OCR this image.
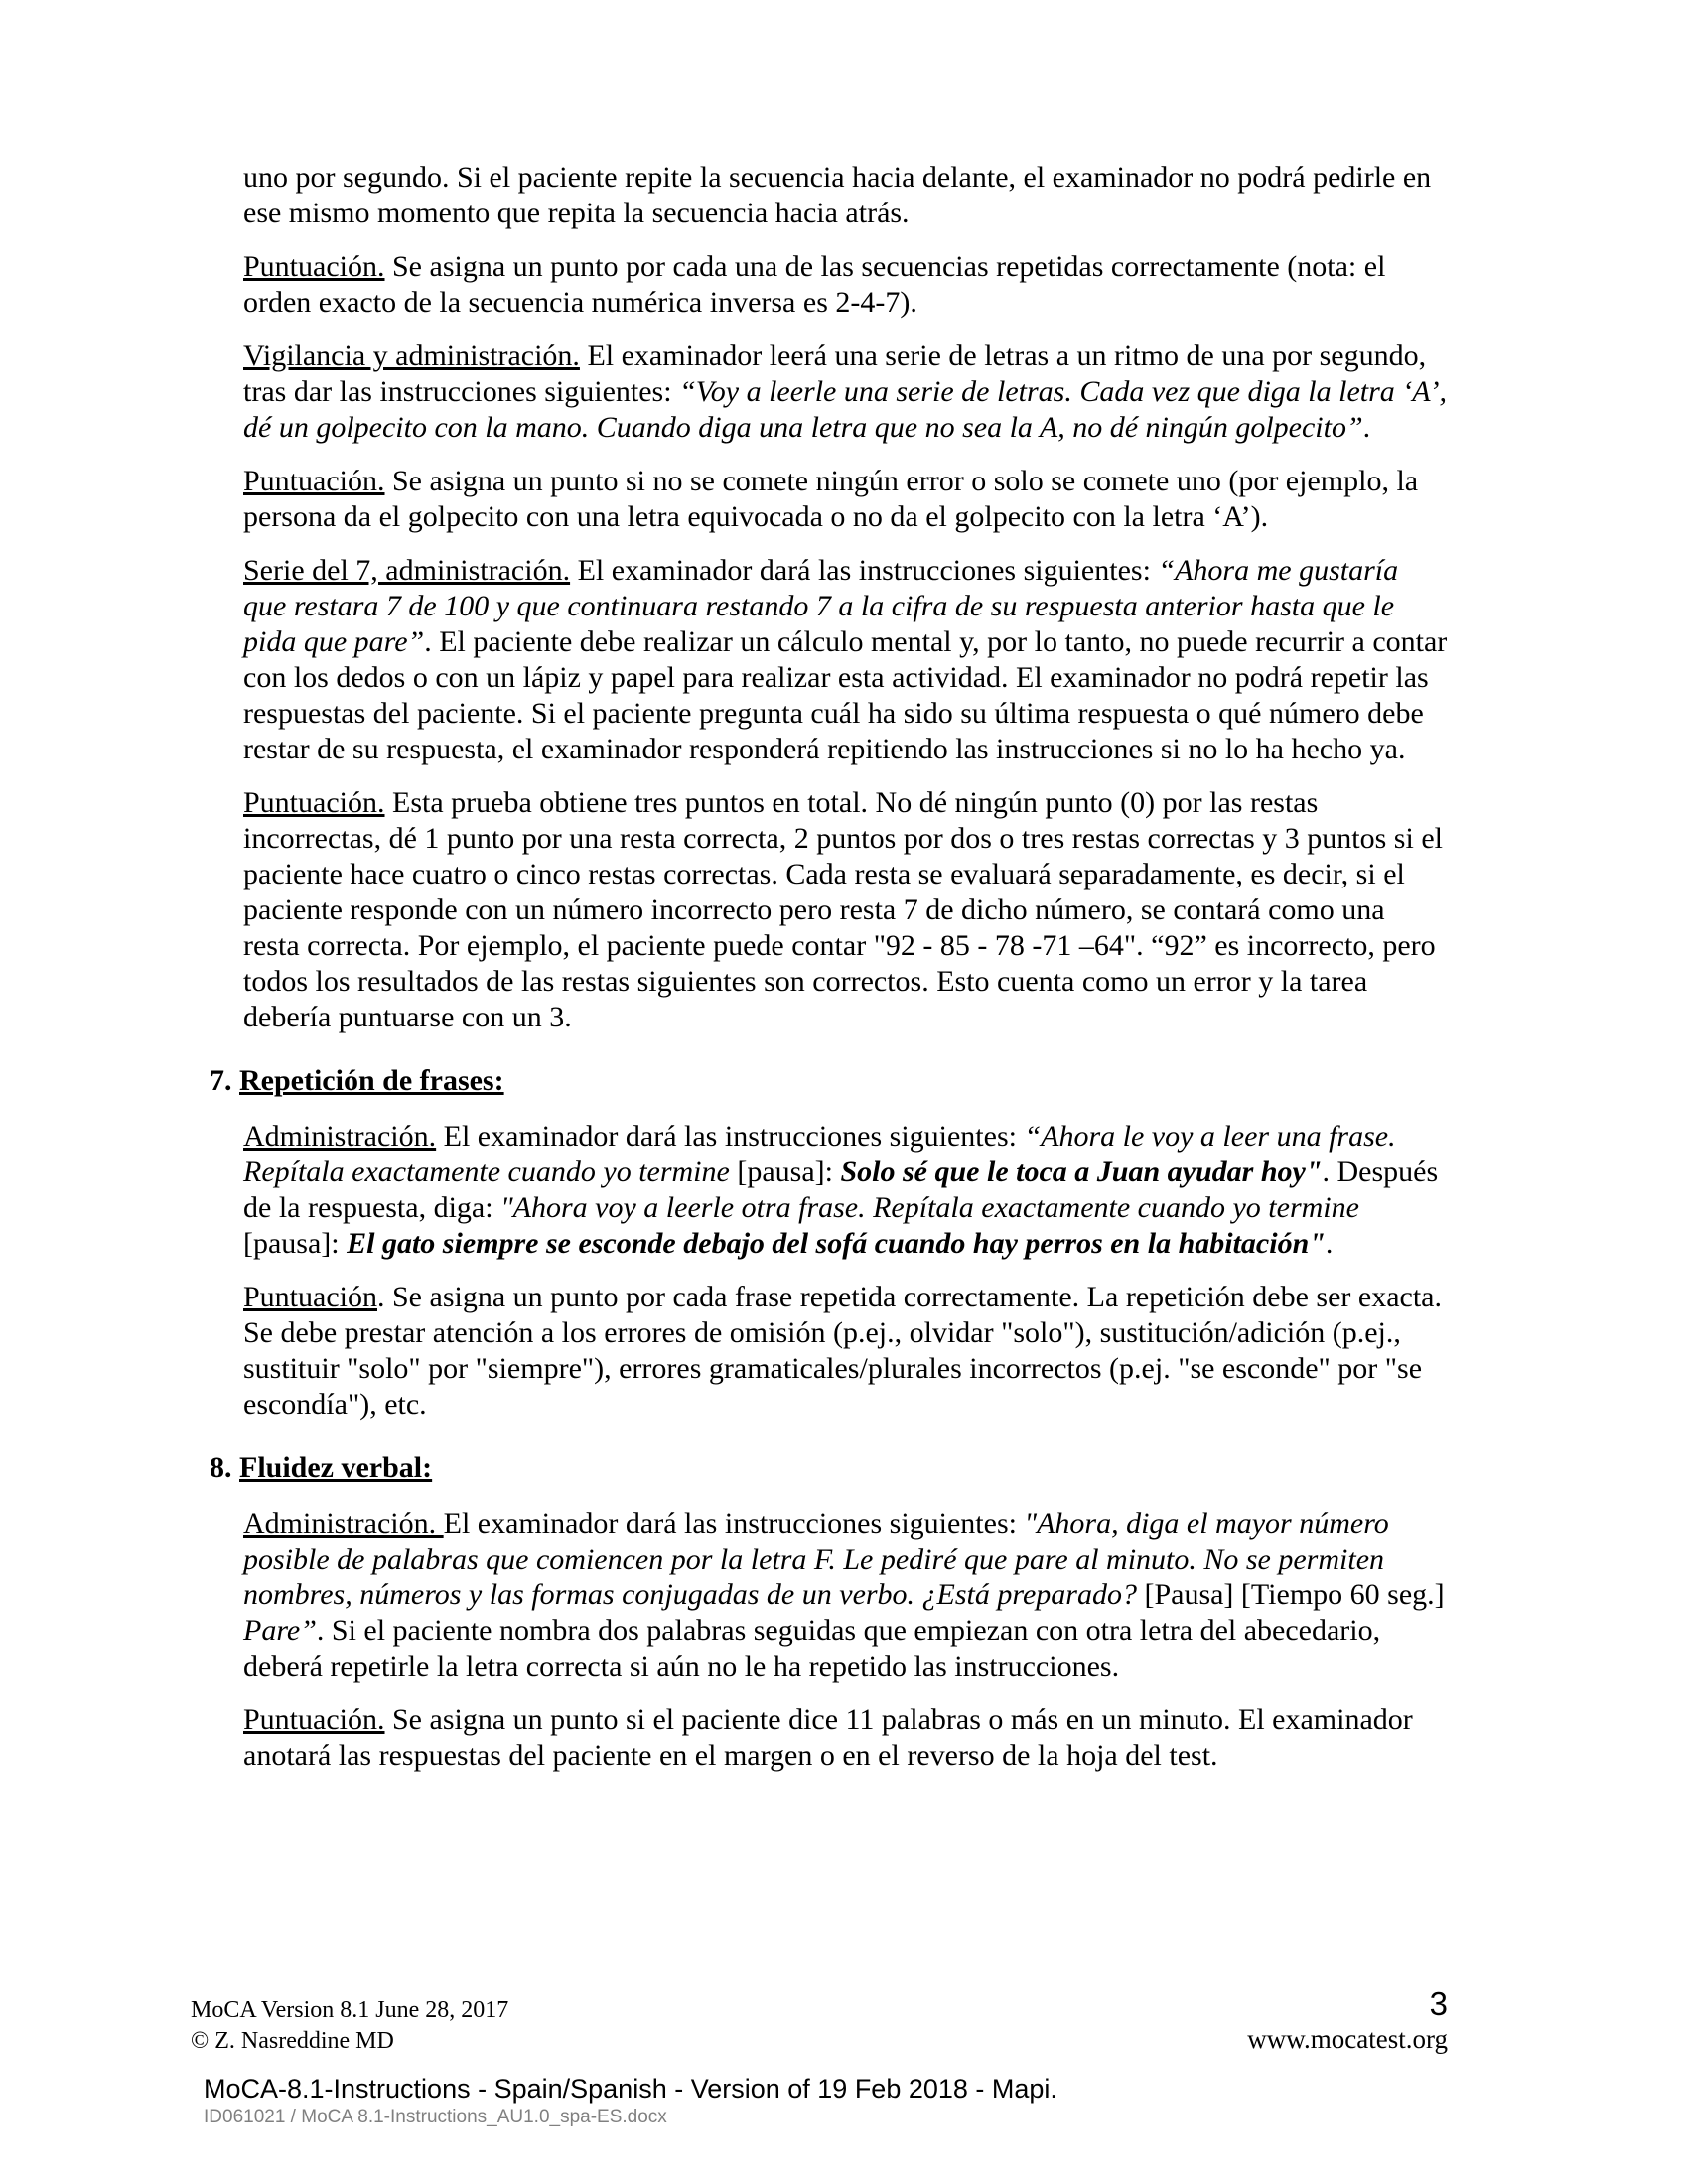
uno por segundo. Si el paciente repite la secuencia hacia delante, el examinador no podrá pedirle en ese mismo momento que repita la secuencia hacia atrás.
Puntuación. Se asigna un punto por cada una de las secuencias repetidas correctamente (nota: el orden exacto de la secuencia numérica inversa es 2-4-7).
Vigilancia y administración. El examinador leerá una serie de letras a un ritmo de una por segundo, tras dar las instrucciones siguientes: “Voy a leerle una serie de letras. Cada vez que diga la letra ‘A’, dé un golpecito con la mano. Cuando diga una letra que no sea la A, no dé ningún golpecito”.
Puntuación. Se asigna un punto si no se comete ningún error o solo se comete uno (por ejemplo, la persona da el golpecito con una letra equivocada o no da el golpecito con la letra ‘A’).
Serie del 7, administración. El examinador dará las instrucciones siguientes: “Ahora me gustaría que restara 7 de 100 y que continuara restando 7 a la cifra de su respuesta anterior hasta que le pida que pare”. El paciente debe realizar un cálculo mental y, por lo tanto, no puede recurrir a contar con los dedos o con un lápiz y papel para realizar esta actividad. El examinador no podrá repetir las respuestas del paciente. Si el paciente pregunta cuál ha sido su última respuesta o qué número debe restar de su respuesta, el examinador responderá repitiendo las instrucciones si no lo ha hecho ya.
Puntuación. Esta prueba obtiene tres puntos en total. No dé ningún punto (0) por las restas incorrectas, dé 1 punto por una resta correcta, 2 puntos por dos o tres restas correctas y 3 puntos si el paciente hace cuatro o cinco restas correctas. Cada resta se evaluará separadamente, es decir, si el paciente responde con un número incorrecto pero resta 7 de dicho número, se contará como una resta correcta. Por ejemplo, el paciente puede contar "92 - 85 - 78 -71 –64". “92” es incorrecto, pero todos los resultados de las restas siguientes son correctos. Esto cuenta como un error y la tarea debería puntuarse con un 3.
7. Repetición de frases:
Administración. El examinador dará las instrucciones siguientes: “Ahora le voy a leer una frase. Repítala exactamente cuando yo termine [pausa]: Solo sé que le toca a Juan ayudar hoy". Después de la respuesta, diga: "Ahora voy a leerle otra frase. Repítala exactamente cuando yo termine [pausa]: El gato siempre se esconde debajo del sofá cuando hay perros en la habitación".
Puntuación. Se asigna un punto por cada frase repetida correctamente. La repetición debe ser exacta. Se debe prestar atención a los errores de omisión (p.ej., olvidar "solo"), sustitución/adición (p.ej., sustituir "solo" por "siempre"), errores gramaticales/plurales incorrectos (p.ej. "se esconde" por "se escondía"), etc.
8. Fluidez verbal:
Administración. El examinador dará las instrucciones siguientes: "Ahora, diga el mayor número posible de palabras que comiencen por la letra F. Le pediré que pare al minuto. No se permiten nombres, números y las formas conjugadas de un verbo. ¿Está preparado? [Pausa] [Tiempo 60 seg.] Pare”. Si el paciente nombra dos palabras seguidas que empiezan con otra letra del abecedario, deberá repetirle la letra correcta si aún no le ha repetido las instrucciones.
Puntuación. Se asigna un punto si el paciente dice 11 palabras o más en un minuto. El examinador anotará las respuestas del paciente en el margen o en el reverso de la hoja del test.
MoCA Version 8.1 June 28, 2017
© Z. Nasreddine MD
3
www.mocatest.org
MoCA-8.1-Instructions - Spain/Spanish - Version of 19 Feb 2018 - Mapi.
ID061021 / MoCA 8.1-Instructions_AU1.0_spa-ES.docx
